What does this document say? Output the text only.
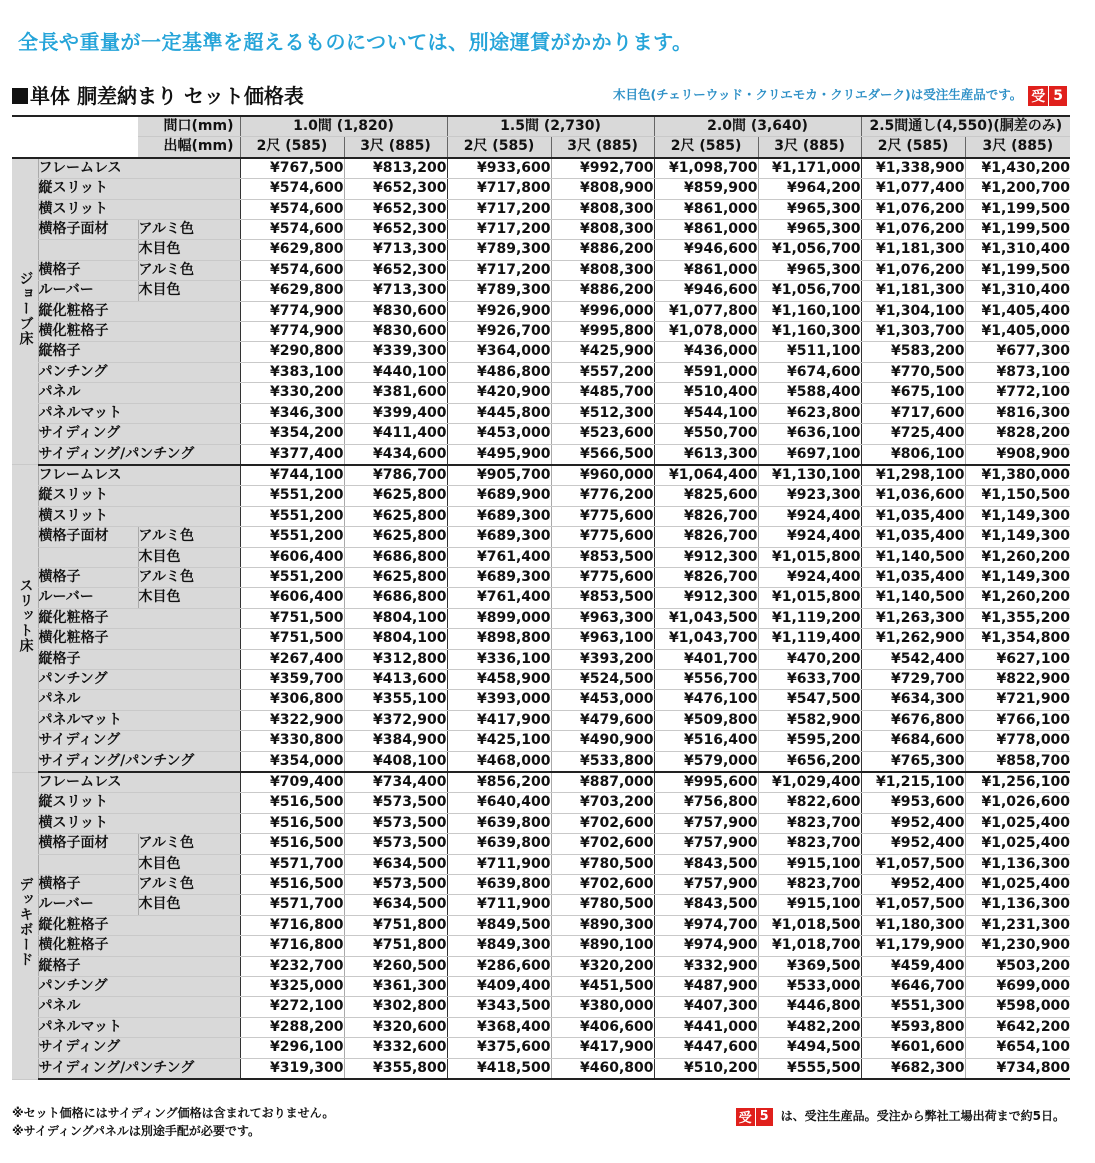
全長や重量が一定基準を超えるものについては、別途運賃がかかります。
単体 胴差納まり セット価格表	木目色(チェリーウッド・クリエモカ・クリエダーク)は受注生産品です。 受 5
		間口(mm)	1.0間 (1,820)		1.5間 (2,730)		2.0間 (3,640)		2.5間通し(4,550)(胴差のみ)	
		出幅(mm)	2尺 (585)	3尺 (885)	2尺 (585)	3尺 (885)	2尺 (585)	3尺 (885)	2尺 (585)	3尺 (885)
ジョーブ床	フレームレス		¥767,500	¥813,200	¥933,600	¥992,700	¥1,098,700	¥1,171,000	¥1,338,900	¥1,430,200
	縦スリット		¥574,600	¥652,300	¥717,800	¥808,900	¥859,900	¥964,200	¥1,077,400	¥1,200,700
	横スリット		¥574,600	¥652,300	¥717,200	¥808,300	¥861,000	¥965,300	¥1,076,200	¥1,199,500
	横格子面材	アルミ色	¥574,600	¥652,300	¥717,200	¥808,300	¥861,000	¥965,300	¥1,076,200	¥1,199,500
		木目色	¥629,800	¥713,300	¥789,300	¥886,200	¥946,600	¥1,056,700	¥1,181,300	¥1,310,400
	横格子	アルミ色	¥574,600	¥652,300	¥717,200	¥808,300	¥861,000	¥965,300	¥1,076,200	¥1,199,500
	ルーバー	木目色	¥629,800	¥713,300	¥789,300	¥886,200	¥946,600	¥1,056,700	¥1,181,300	¥1,310,400
	縦化粧格子		¥774,900	¥830,600	¥926,900	¥996,000	¥1,077,800	¥1,160,100	¥1,304,100	¥1,405,400
	横化粧格子		¥774,900	¥830,600	¥926,700	¥995,800	¥1,078,000	¥1,160,300	¥1,303,700	¥1,405,000
	縦格子		¥290,800	¥339,300	¥364,000	¥425,900	¥436,000	¥511,100	¥583,200	¥677,300
	パンチング		¥383,100	¥440,100	¥486,800	¥557,200	¥591,000	¥674,600	¥770,500	¥873,100
	パネル		¥330,200	¥381,600	¥420,900	¥485,700	¥510,400	¥588,400	¥675,100	¥772,100
	パネルマット		¥346,300	¥399,400	¥445,800	¥512,300	¥544,100	¥623,800	¥717,600	¥816,300
	サイディング		¥354,200	¥411,400	¥453,000	¥523,600	¥550,700	¥636,100	¥725,400	¥828,200
	サイディング/パンチング		¥377,400	¥434,600	¥495,900	¥566,500	¥613,300	¥697,100	¥806,100	¥908,900
スリット床	フレームレス		¥744,100	¥786,700	¥905,700	¥960,000	¥1,064,400	¥1,130,100	¥1,298,100	¥1,380,000
	縦スリット		¥551,200	¥625,800	¥689,900	¥776,200	¥825,600	¥923,300	¥1,036,600	¥1,150,500
	横スリット		¥551,200	¥625,800	¥689,300	¥775,600	¥826,700	¥924,400	¥1,035,400	¥1,149,300
	横格子面材	アルミ色	¥551,200	¥625,800	¥689,300	¥775,600	¥826,700	¥924,400	¥1,035,400	¥1,149,300
		木目色	¥606,400	¥686,800	¥761,400	¥853,500	¥912,300	¥1,015,800	¥1,140,500	¥1,260,200
	横格子	アルミ色	¥551,200	¥625,800	¥689,300	¥775,600	¥826,700	¥924,400	¥1,035,400	¥1,149,300
	ルーバー	木目色	¥606,400	¥686,800	¥761,400	¥853,500	¥912,300	¥1,015,800	¥1,140,500	¥1,260,200
	縦化粧格子		¥751,500	¥804,100	¥899,000	¥963,300	¥1,043,500	¥1,119,200	¥1,263,300	¥1,355,200
	横化粧格子		¥751,500	¥804,100	¥898,800	¥963,100	¥1,043,700	¥1,119,400	¥1,262,900	¥1,354,800
	縦格子		¥267,400	¥312,800	¥336,100	¥393,200	¥401,700	¥470,200	¥542,400	¥627,100
	パンチング		¥359,700	¥413,600	¥458,900	¥524,500	¥556,700	¥633,700	¥729,700	¥822,900
	パネル		¥306,800	¥355,100	¥393,000	¥453,000	¥476,100	¥547,500	¥634,300	¥721,900
	パネルマット		¥322,900	¥372,900	¥417,900	¥479,600	¥509,800	¥582,900	¥676,800	¥766,100
	サイディング		¥330,800	¥384,900	¥425,100	¥490,900	¥516,400	¥595,200	¥684,600	¥778,000
	サイディング/パンチング		¥354,000	¥408,100	¥468,000	¥533,800	¥579,000	¥656,200	¥765,300	¥858,700
デッキボード	フレームレス		¥709,400	¥734,400	¥856,200	¥887,000	¥995,600	¥1,029,400	¥1,215,100	¥1,256,100
	縦スリット		¥516,500	¥573,500	¥640,400	¥703,200	¥756,800	¥822,600	¥953,600	¥1,026,600
	横スリット		¥516,500	¥573,500	¥639,800	¥702,600	¥757,900	¥823,700	¥952,400	¥1,025,400
	横格子面材	アルミ色	¥516,500	¥573,500	¥639,800	¥702,600	¥757,900	¥823,700	¥952,400	¥1,025,400
		木目色	¥571,700	¥634,500	¥711,900	¥780,500	¥843,500	¥915,100	¥1,057,500	¥1,136,300
	横格子	アルミ色	¥516,500	¥573,500	¥639,800	¥702,600	¥757,900	¥823,700	¥952,400	¥1,025,400
	ルーバー	木目色	¥571,700	¥634,500	¥711,900	¥780,500	¥843,500	¥915,100	¥1,057,500	¥1,136,300
	縦化粧格子		¥716,800	¥751,800	¥849,500	¥890,300	¥974,700	¥1,018,500	¥1,180,300	¥1,231,300
	横化粧格子		¥716,800	¥751,800	¥849,300	¥890,100	¥974,900	¥1,018,700	¥1,179,900	¥1,230,900
	縦格子		¥232,700	¥260,500	¥286,600	¥320,200	¥332,900	¥369,500	¥459,400	¥503,200
	パンチング		¥325,000	¥361,300	¥409,400	¥451,500	¥487,900	¥533,000	¥646,700	¥699,000
	パネル		¥272,100	¥302,800	¥343,500	¥380,000	¥407,300	¥446,800	¥551,300	¥598,000
	パネルマット		¥288,200	¥320,600	¥368,400	¥406,600	¥441,000	¥482,200	¥593,800	¥642,200
	サイディング		¥296,100	¥332,600	¥375,600	¥417,900	¥447,600	¥494,500	¥601,600	¥654,100
	サイディング/パンチング		¥319,300	¥355,800	¥418,500	¥460,800	¥510,200	¥555,500	¥682,300	¥734,800
※セット価格にはサイディング価格は含まれておりません。
※サイディングパネルは別途手配が必要です。
受 5	は、受注生産品。受注から弊社工場出荷まで約5日。
